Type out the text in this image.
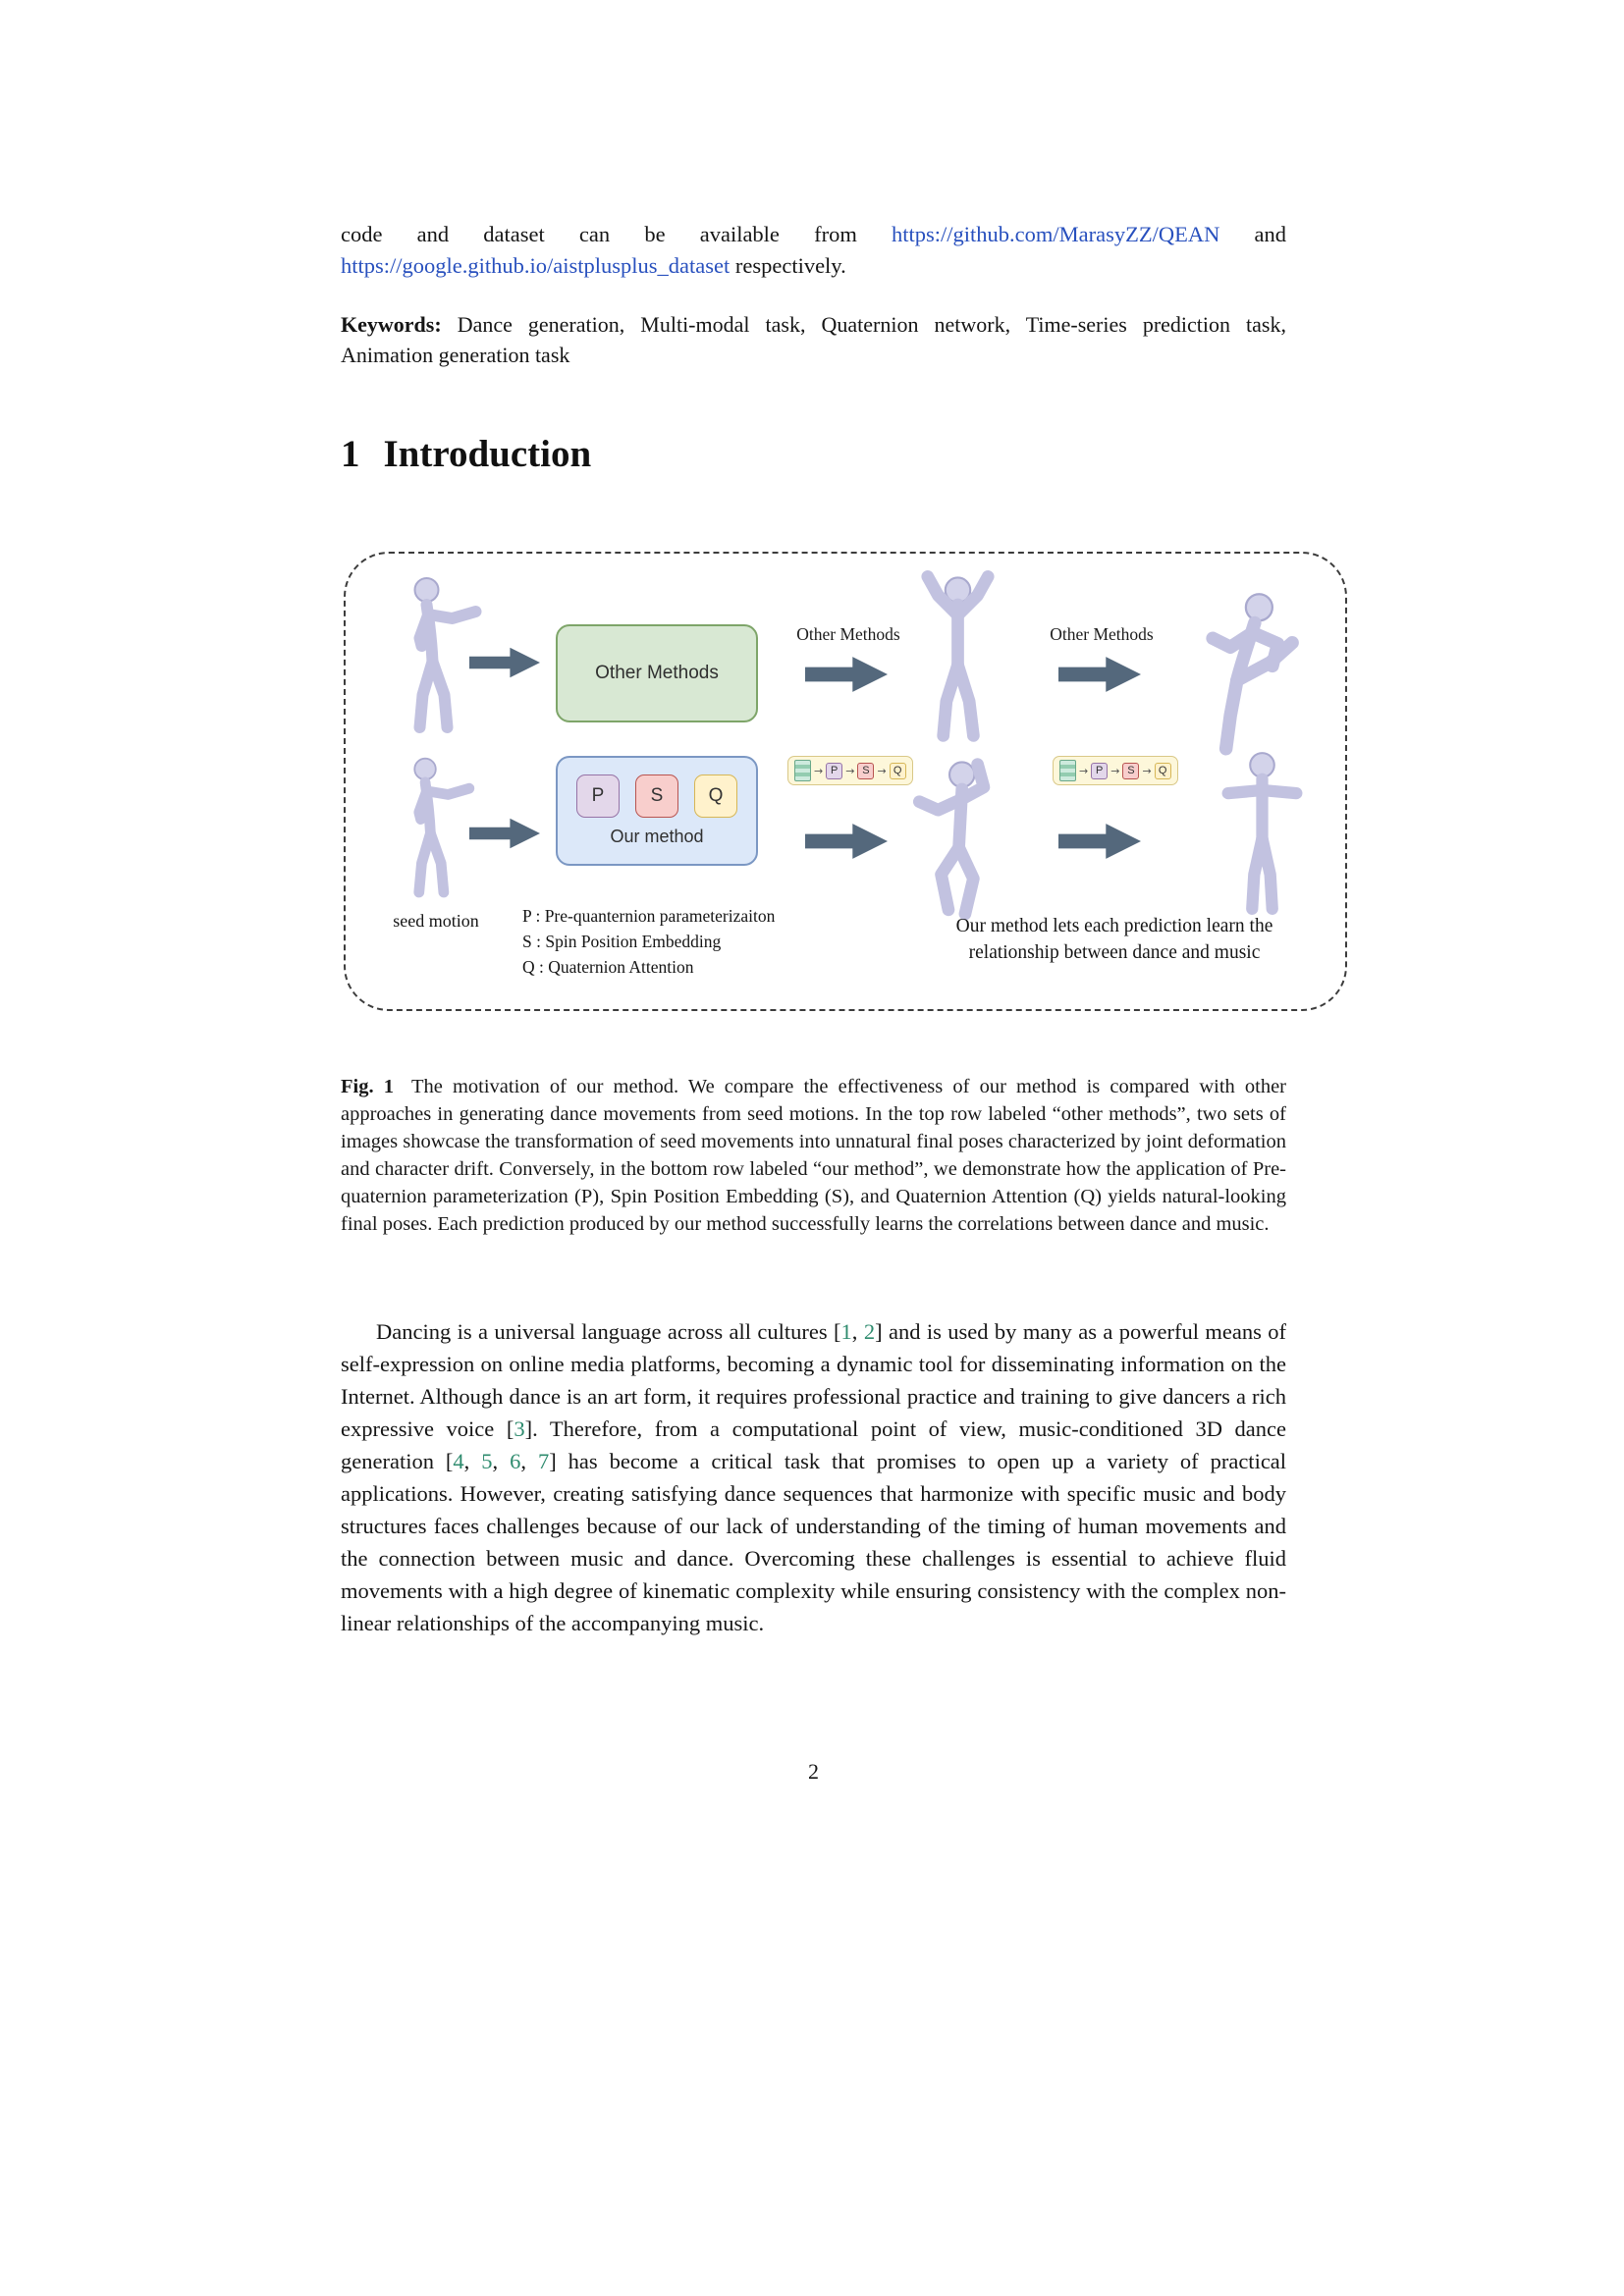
code and dataset can be available from https://github.com/MarasyZZ/QEAN and https://google.github.io/aistplusplus_dataset respectively.

Keywords: Dance generation, Multi-modal task, Quaternion network, Time-series prediction task, Animation generation task

1 Introduction
Other Methods
Other Methods	Other Methods
P	S	Q
Our method
→ P → S → Q	→ P → S → Q
seed motion	P : Pre-quanternion parameterizaiton
S : Spin Position Embedding
Q : Quaternion Attention
Our method lets each prediction learn the
relationship between dance and music

Fig. 1 The motivation of our method. We compare the effectiveness of our method is compared with other approaches in generating dance movements from seed motions. In the top row labeled “other methods”, two sets of images showcase the transformation of seed movements into unnatural final poses characterized by joint deformation and character drift. Conversely, in the bottom row labeled “our method”, we demonstrate how the application of Pre-quaternion parameterization (P), Spin Position Embedding (S), and Quaternion Attention (Q) yields natural-looking final poses. Each prediction produced by our method successfully learns the correlations between dance and music.

Dancing is a universal language across all cultures [1, 2] and is used by many as a powerful means of self-expression on online media platforms, becoming a dynamic tool for disseminating information on the Internet. Although dance is an art form, it requires professional practice and training to give dancers a rich expressive voice [3]. Therefore, from a computational point of view, music-conditioned 3D dance generation [4, 5, 6, 7] has become a critical task that promises to open up a variety of practical applications. However, creating satisfying dance sequences that harmonize with specific music and body structures faces challenges because of our lack of understanding of the timing of human movements and the connection between music and dance. Overcoming these challenges is essential to achieve fluid movements with a high degree of kinematic complexity while ensuring consistency with the complex non-linear relationships of the accompanying music.

2
